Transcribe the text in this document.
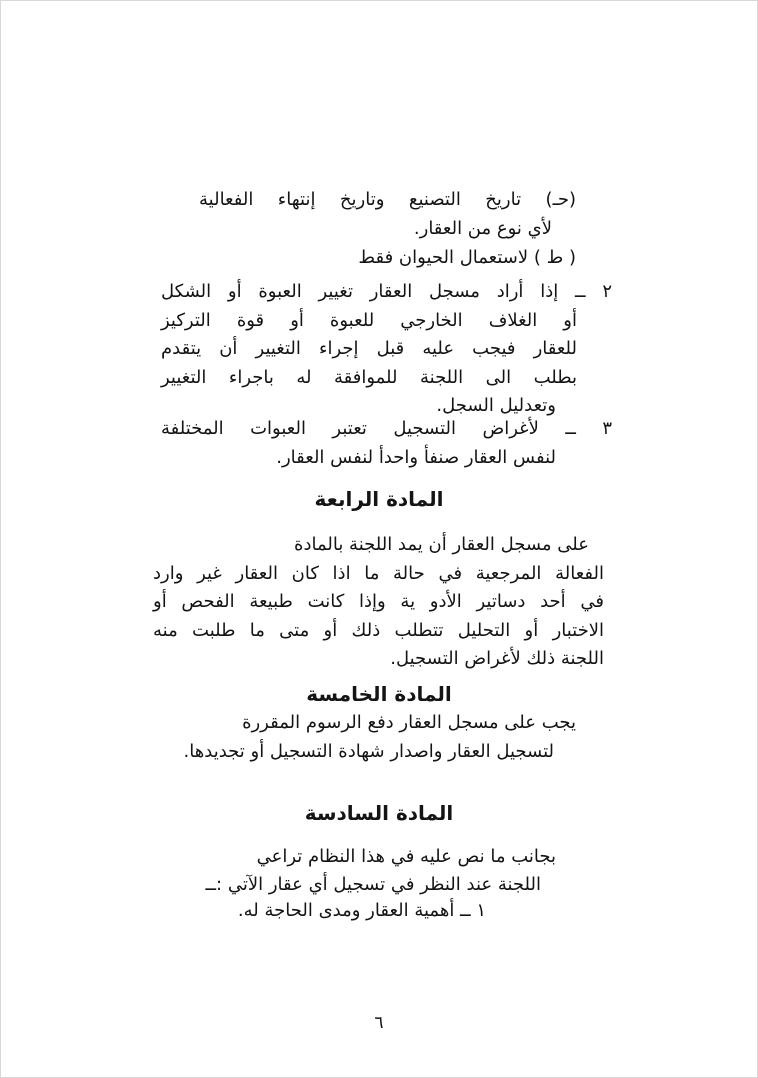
(حـ) تاريخ التصنيع وتاريخ إنتهاء الفعالية
لأي نوع من العقار.
( ط ) لاستعمال الحيوان فقط
٢ ــ إذا أراد مسجل العقار تغيير العبوة أو الشكل
أو الغلاف الخارجي للعبوة أو قوة التركيز
للعقار فيجب عليه قبل إجراء التغيير أن يتقدم
بطلب الى اللجنة للموافقة له باجراء التغيير
وتعدليل السجل.
٣ ــ لأغراض التسجيل تعتبر العبوات المختلفة
لنفس العقار صنفأ واحدأ لنفس العقار.
المادة الرابعة
على مسجل العقار أن يمد اللجنة بالمادة
الفعالة المرجعية في حالة ما اذا كان العقار غير وارد
في أحد دساتير الأدو ية وإذا كانت طبيعة الفحص أو
الاختبار أو التحليل تتطلب ذلك أو متى ما طلبت منه
اللجنة ذلك لأغراض التسجيل.
المادة الخامسة
يجب على مسجل العقار دفع الرسوم المقررة
لتسجيل العقار واصدار شهادة التسجيل أو تجديدها.
المادة السادسة
بجانب ما نص عليه في هذا النظام تراعي
اللجنة عند النظر في تسجيل أي عقار الآتي :ــ
١ ــ أهمية العقار ومدى الحاجة له.
٦
